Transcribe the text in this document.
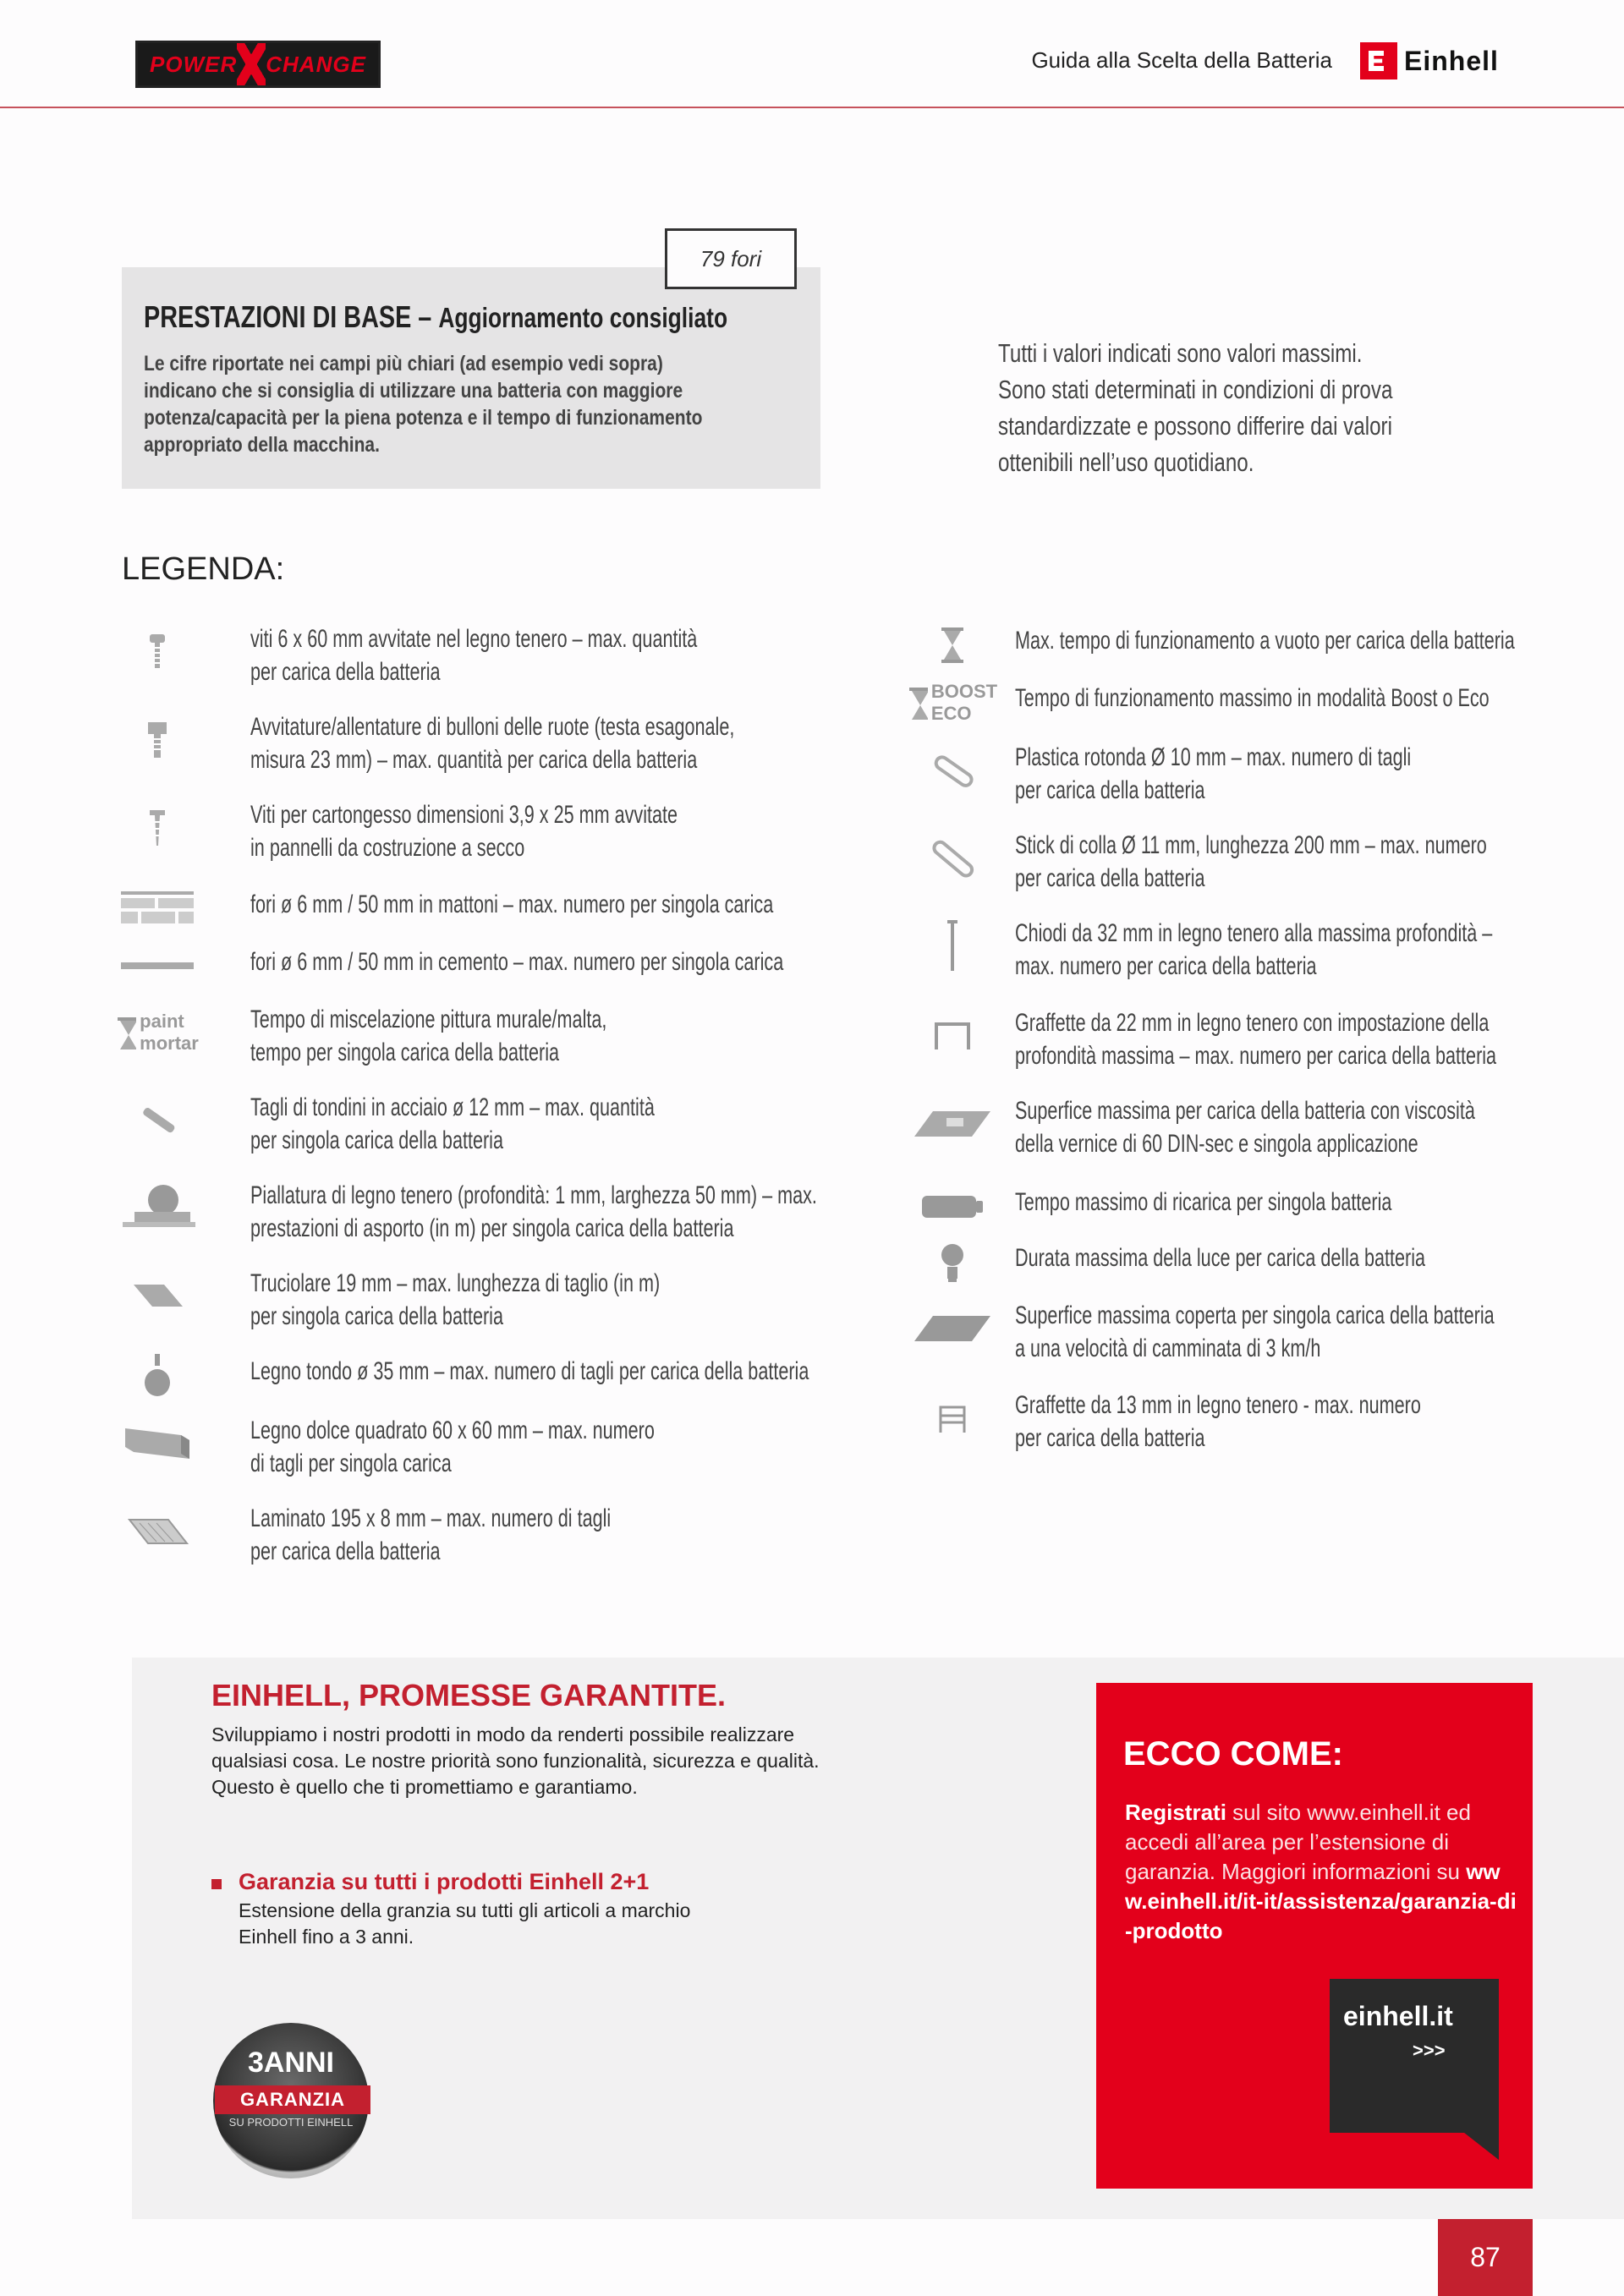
POWER CHANGE	Guida alla Scelta della Batteria	Einhell
79 fori
PRESTAZIONI DI BASE – Aggiornamento consigliato
Le cifre riportate nei campi più chiari (ad esempio vedi sopra)
indicano che si consiglia di utilizzare una batteria con maggiore
potenza/capacità per la piena potenza e il tempo di funzionamento
appropriato della macchina.
Tutti i valori indicati sono valori massimi.
Sono stati determinati in condizioni di prova
standardizzate e possono differire dai valori
ottenibili nell’uso quotidiano.
LEGENDA:
viti 6 x 60 mm avvitate nel legno tenero – max. quantità
per carica della batteria
Avvitature/allentature di bulloni delle ruote (testa esagonale,
misura 23 mm) – max. quantità per carica della batteria
Viti per cartongesso dimensioni 3,9 x 25 mm avvitate
in pannelli da costruzione a secco
fori ø 6 mm / 50 mm in mattoni – max. numero per singola carica
fori ø 6 mm / 50 mm in cemento – max. numero per singola carica
paint
mortar
Tempo di miscelazione pittura murale/malta,
tempo per singola carica della batteria
Tagli di tondini in acciaio ø 12 mm – max. quantità
per singola carica della batteria
Piallatura di legno tenero (profondità: 1 mm, larghezza 50 mm) – max.
prestazioni di asporto (in m) per singola carica della batteria
Truciolare 19 mm – max. lunghezza di taglio (in m)
per singola carica della batteria
Legno tondo ø 35 mm – max. numero di tagli per carica della batteria
Legno dolce quadrato 60 x 60 mm – max. numero
di tagli per singola carica
Laminato 195 x 8 mm – max. numero di tagli
per carica della batteria
Max. tempo di funzionamento a vuoto per carica della batteria
BOOST
ECO
Tempo di funzionamento massimo in modalità Boost o Eco
Plastica rotonda Ø 10 mm – max. numero di tagli
per carica della batteria
Stick di colla Ø 11 mm, lunghezza 200 mm – max. numero
per carica della batteria
Chiodi da 32 mm in legno tenero alla massima profondità –
max. numero per carica della batteria
Graffette da 22 mm in legno tenero con impostazione della
profondità massima – max. numero per carica della batteria
Superfice massima per carica della batteria con viscosità
della vernice di 60 DIN-sec e singola applicazione
Tempo massimo di ricarica per singola batteria
Durata massima della luce per carica della batteria
Superfice massima coperta per singola carica della batteria
a una velocità di camminata di 3 km/h
Graffette da 13 mm in legno tenero - max. numero
per carica della batteria
EINHELL, PROMESSE GARANTITE.
Sviluppiamo i nostri prodotti in modo da renderti possibile realizzare qualsiasi cosa. Le nostre priorità sono funzionalità, sicurezza e qualità. Questo è quello che ti promettiamo e garantiamo.
Garanzia su tutti i prodotti Einhell 2+1
Estensione della granzia su tutti gli articoli a marchio Einhell fino a 3 anni.
3ANNI
GARANZIA
SU PRODOTTI EINHELL
ECCO COME:
Registrati sul sito www.einhell.it ed accedi all’area per l’estensione di garanzia. Maggiori informazioni su www.einhell.it/it-it/assistenza/garanzia-di-prodotto
einhell.it
>>>
87
